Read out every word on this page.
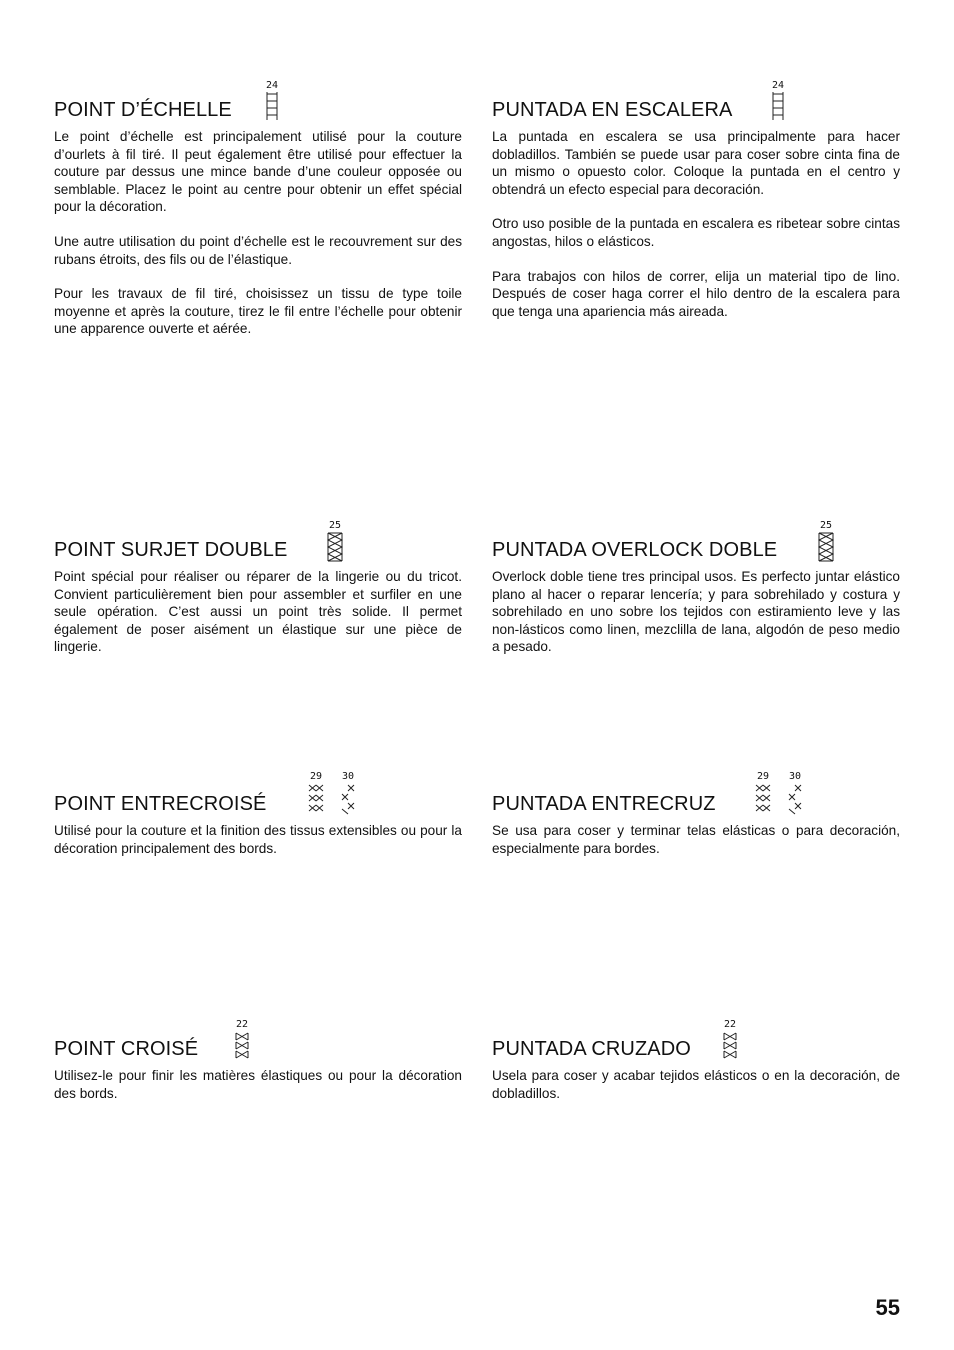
POINT D’ÉCHELLE
24

Le point d’échelle est principalement utilisé pour la couture d’ourlets à fil tiré. Il peut également être utilisé pour effectuer la couture par dessus une mince bande d’une couleur opposée ou semblable. Placez le point au centre pour obtenir un effet spécial pour la décoration.

Une autre utilisation du point d’échelle est le recouvrement sur des rubans étroits, des fils ou de l’élastique.

Pour les travaux de fil tiré, choisissez un tissu de type toile moyenne et après la couture, tirez le fil entre l’échelle pour obtenir une apparence ouverte et aérée.

PUNTADA EN ESCALERA
24

La puntada en escalera se usa principalmente para hacer dobladillos. También se puede usar para coser sobre cinta fina de un mismo o opuesto color. Coloque la puntada en el centro y obtendrá un efecto especial para decoración.

Otro uso posible de la puntada en escalera es ribetear sobre cintas angostas, hilos o elásticos.

Para trabajos con hilos de correr, elija un material tipo de lino. Después de coser haga correr el hilo dentro de la escalera para que tenga una apariencia más aireada.

POINT SURJET DOUBLE
25

Point spécial pour réaliser ou réparer de la lingerie ou du tricot. Convient particulièrement bien pour assembler et surfiler en une seule opération. C’est aussi un point très solide. Il permet également de poser aisément un élastique sur une pièce de lingerie.

PUNTADA OVERLOCK DOBLE
25

Overlock doble tiene tres principal usos. Es perfecto juntar elástico plano al hacer o reparar lencería; y para sobrehilado y costura y sobrehilado en uno sobre los tejidos con estiramiento leve y las non-lásticos como linen, mezclilla de lana, algodón de peso medio a pesado.

POINT ENTRECROISÉ
29	30

Utilisé pour la couture et la finition des tissus extensibles ou pour la décoration principalement des bords.

PUNTADA ENTRECRUZ
29	30

Se usa para coser y terminar telas elásticas o para decoración, especialmente para bordes.

POINT CROISÉ
22

Utilisez-le pour finir les matières élastiques ou pour la décoration des bords.

PUNTADA CRUZADO
22

Usela para coser y acabar tejidos elásticos o en la decoración, de dobladillos.

55
